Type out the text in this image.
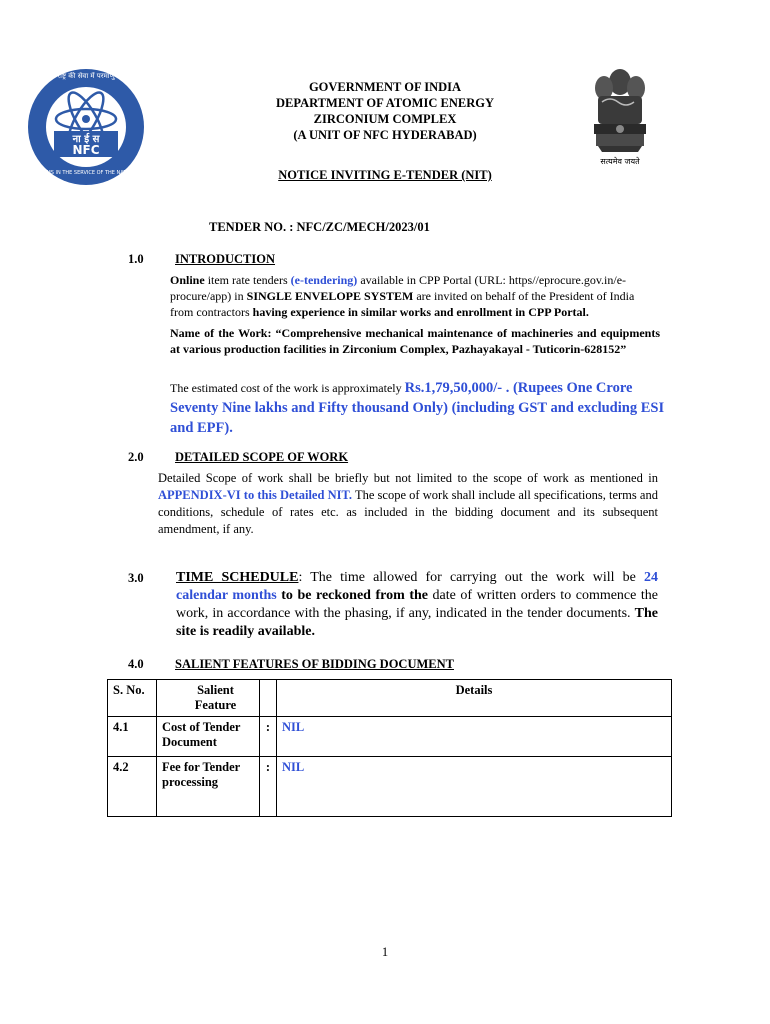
ना ई स
NFC
राष्ट्र की सेवा में परमाणु
ATOMS IN THE SERVICE OF THE NATION
GOVERNMENT OF INDIA
DEPARTMENT OF ATOMIC ENERGY
ZIRCONIUM COMPLEX
(A UNIT OF NFC HYDERABAD)
सत्यमेव जयते
NOTICE INVITING E-TENDER (NIT)
TENDER NO. : NFC/ZC/MECH/2023/01
1.0	INTRODUCTION
Online item rate tenders (e-tendering) available in CPP Portal (URL: https//eprocure.gov.in/e-procure/app) in SINGLE ENVELOPE SYSTEM are invited on behalf of the President of India from contractors having experience in similar works and enrollment in CPP Portal.
Name of the Work: “Comprehensive mechanical maintenance of machineries and equipments at various production facilities in Zirconium Complex, Pazhayakayal - Tuticorin-628152”
The estimated cost of the work is approximately Rs.1,79,50,000/- . (Rupees One Crore Seventy Nine lakhs and Fifty thousand Only) (including GST and excluding ESI and EPF).
2.0	DETAILED SCOPE OF WORK
Detailed Scope of work shall be briefly but not limited to the scope of work as mentioned in APPENDIX-VI to this Detailed NIT. The scope of work shall include all specifications, terms and conditions, schedule of rates etc. as included in the bidding document and its subsequent amendment, if any.
3.0 TIME SCHEDULE: The time allowed for carrying out the work will be 24 calendar months to be reckoned from the date of written orders to commence the work, in accordance with the phasing, if any, indicated in the tender documents. The site is readily available.
4.0	SALIENT FEATURES OF BIDDING DOCUMENT
S. No.	Salient Feature		Details
4.1	Cost of Tender Document	:	NIL
4.2	Fee for Tender processing	:	NIL
1
